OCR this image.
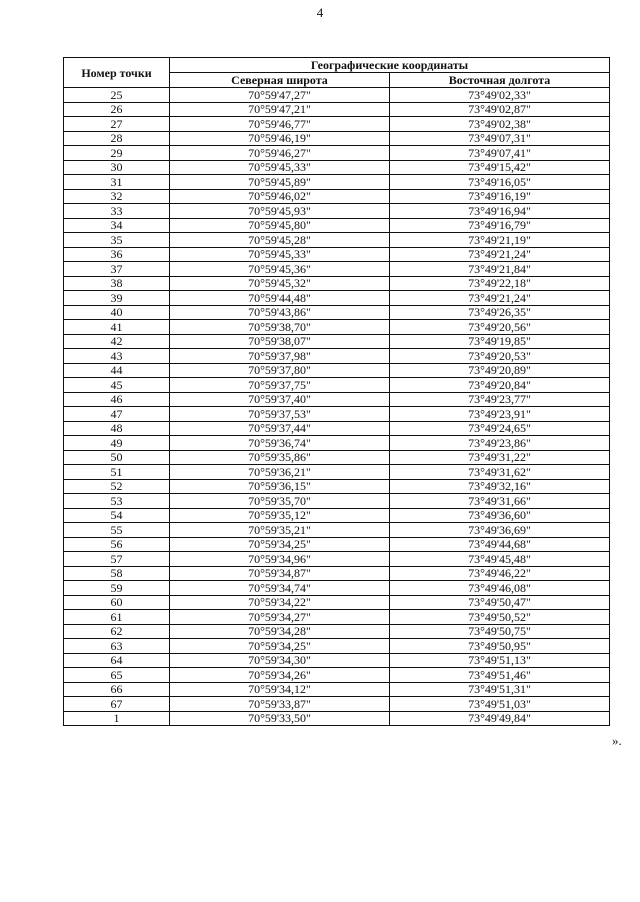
4
Номер точки	Географические координаты	
	Северная широта	Восточная долгота
25	70°59'47,27"	73°49'02,33"
26	70°59'47,21"	73°49'02,87"
27	70°59'46,77"	73°49'02,38"
28	70°59'46,19"	73°49'07,31"
29	70°59'46,27"	73°49'07,41"
30	70°59'45,33"	73°49'15,42"
31	70°59'45,89"	73°49'16,05"
32	70°59'46,02"	73°49'16,19"
33	70°59'45,93"	73°49'16,94"
34	70°59'45,80"	73°49'16,79"
35	70°59'45,28"	73°49'21,19"
36	70°59'45,33"	73°49'21,24"
37	70°59'45,36"	73°49'21,84"
38	70°59'45,32"	73°49'22,18"
39	70°59'44,48"	73°49'21,24"
40	70°59'43,86"	73°49'26,35"
41	70°59'38,70"	73°49'20,56"
42	70°59'38,07"	73°49'19,85"
43	70°59'37,98"	73°49'20,53"
44	70°59'37,80"	73°49'20,89"
45	70°59'37,75"	73°49'20,84"
46	70°59'37,40"	73°49'23,77"
47	70°59'37,53"	73°49'23,91"
48	70°59'37,44"	73°49'24,65"
49	70°59'36,74"	73°49'23,86"
50	70°59'35,86"	73°49'31,22"
51	70°59'36,21"	73°49'31,62"
52	70°59'36,15"	73°49'32,16"
53	70°59'35,70"	73°49'31,66"
54	70°59'35,12"	73°49'36,60"
55	70°59'35,21"	73°49'36,69"
56	70°59'34,25"	73°49'44,68"
57	70°59'34,96"	73°49'45,48"
58	70°59'34,87"	73°49'46,22"
59	70°59'34,74"	73°49'46,08"
60	70°59'34,22"	73°49'50,47"
61	70°59'34,27"	73°49'50,52"
62	70°59'34,28"	73°49'50,75"
63	70°59'34,25"	73°49'50,95"
64	70°59'34,30"	73°49'51,13"
65	70°59'34,26"	73°49'51,46"
66	70°59'34,12"	73°49'51,31"
67	70°59'33,87"	73°49'51,03"
1	70°59'33,50"	73°49'49,84"
».
